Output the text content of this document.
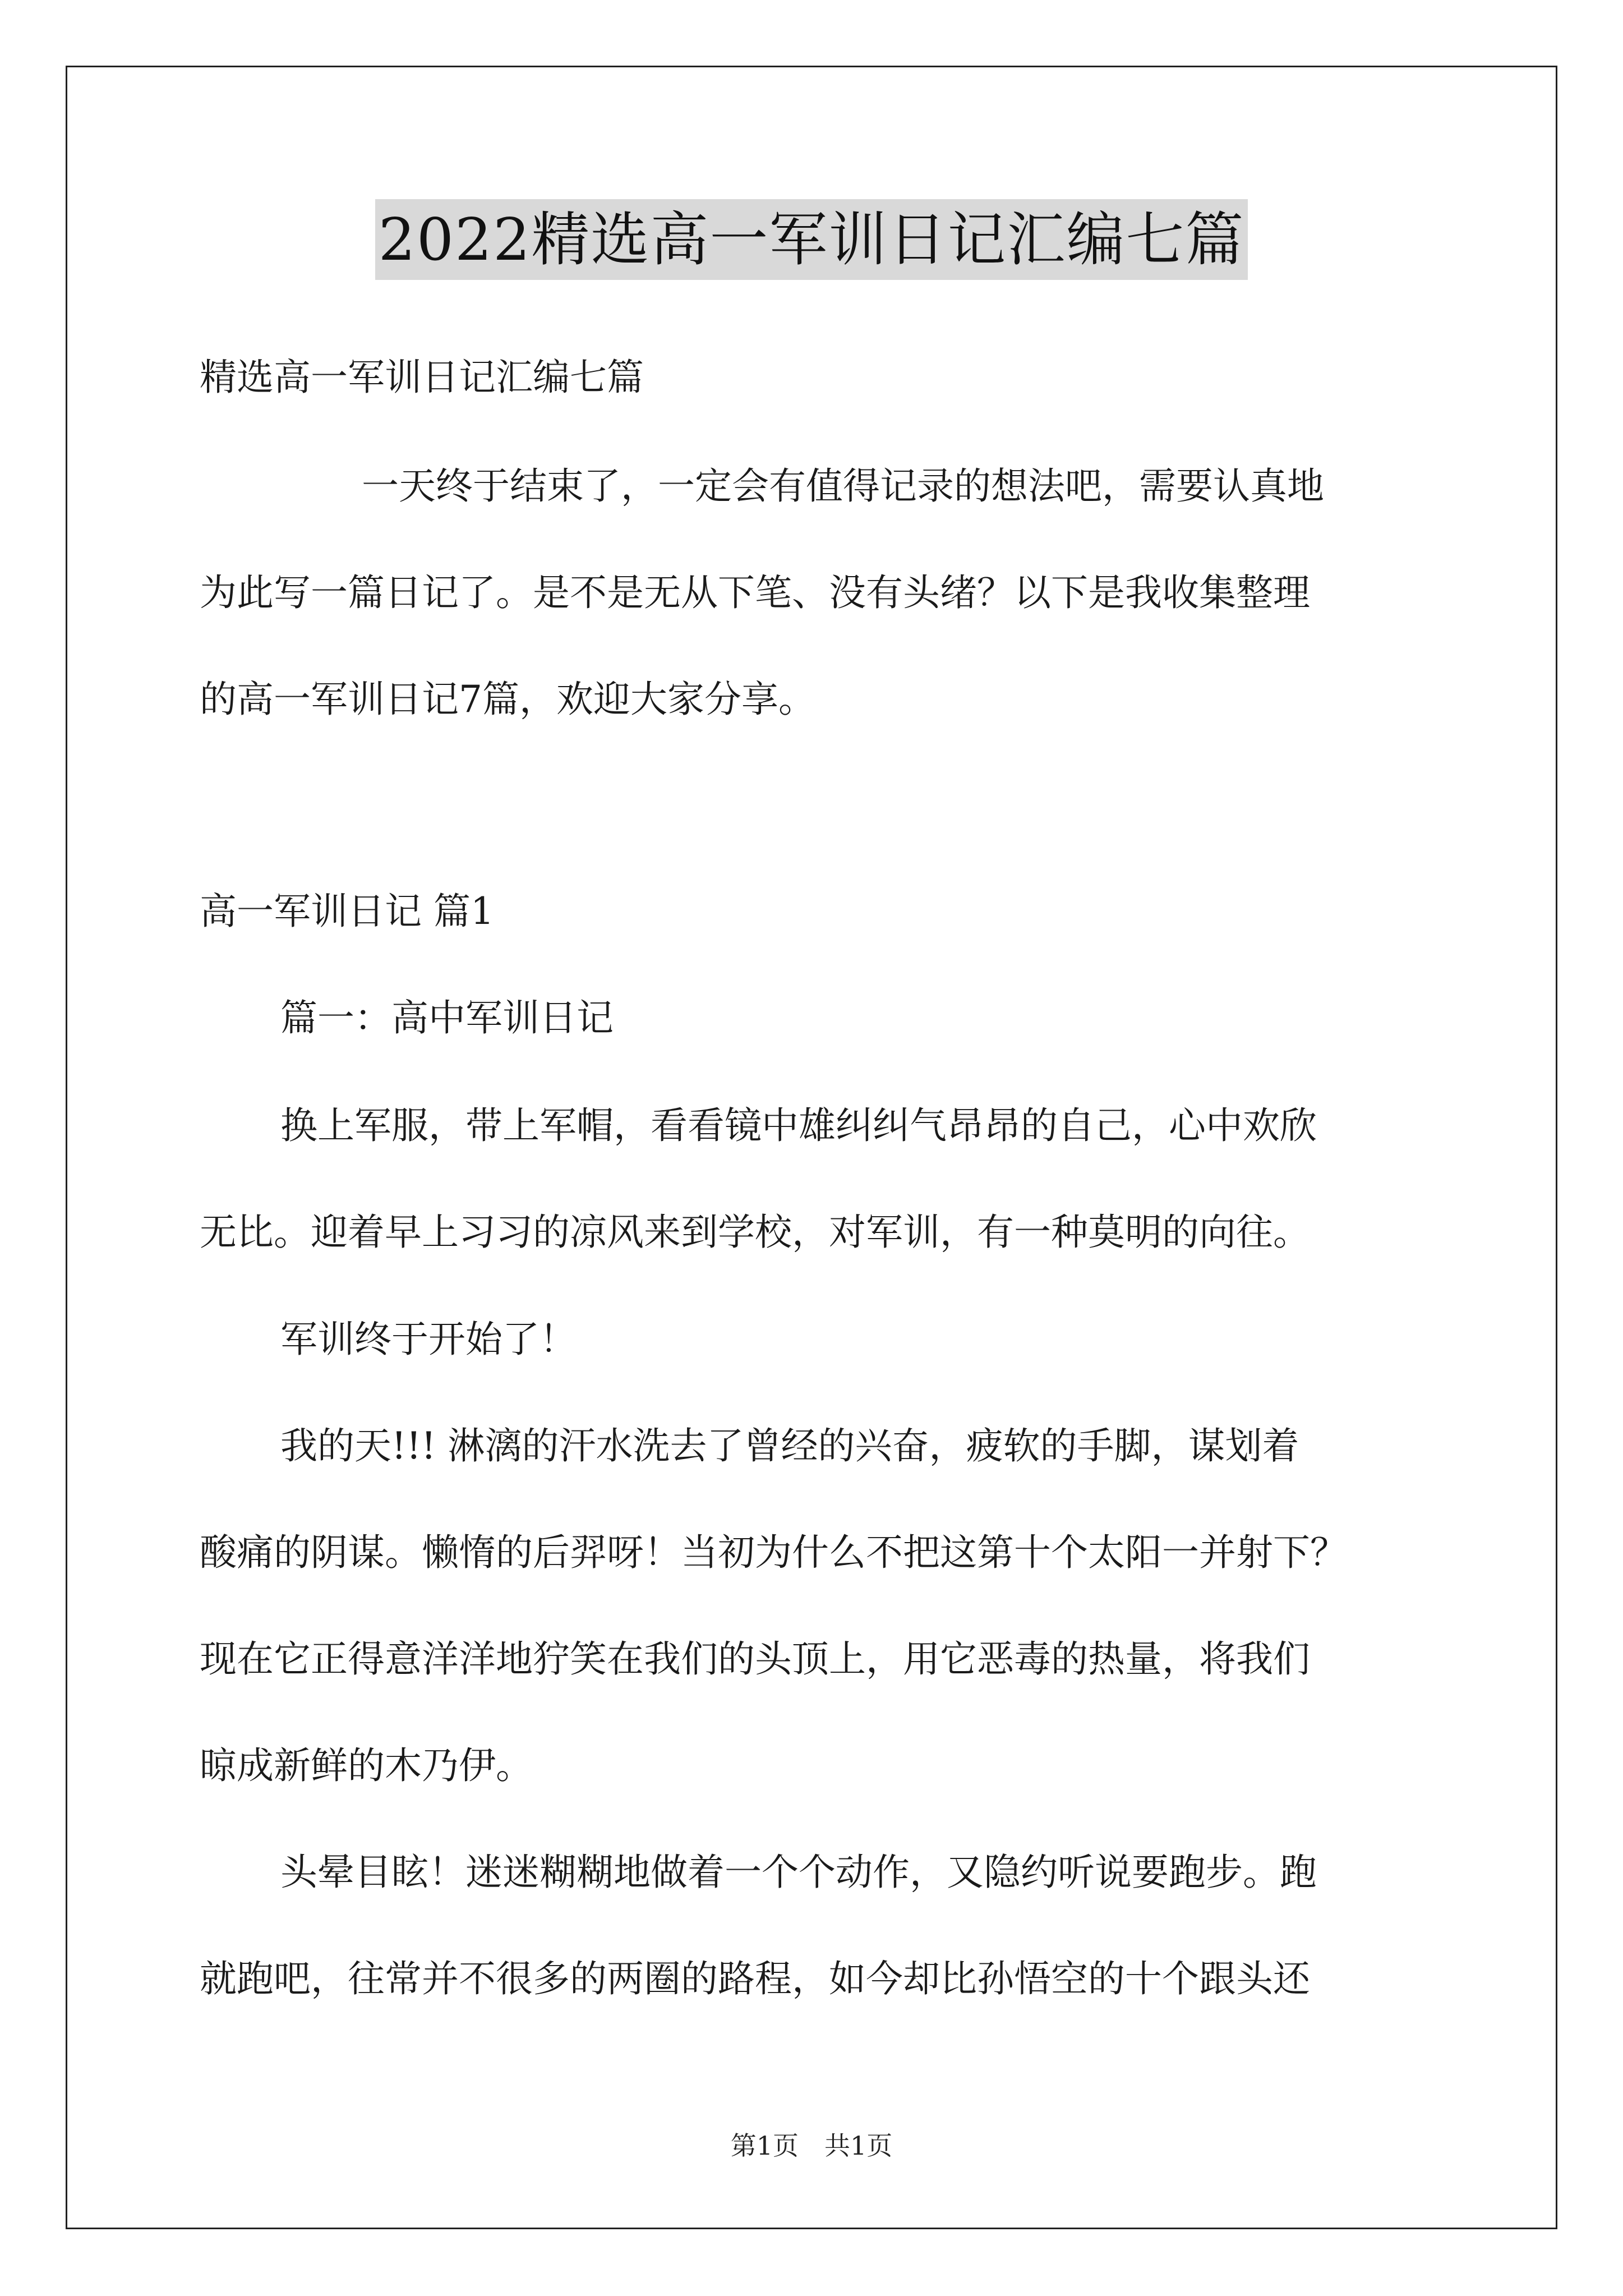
2022精选高一军训日记汇编七篇
精选高一军训日记汇编七篇
一天终于结束了，一定会有值得记录的想法吧，需要认真地
为此写一篇日记了。是不是无从下笔、没有头绪？以下是我收集整理
的高一军训日记7篇，欢迎大家分享。
高一军训日记 篇1
篇一：高中军训日记
换上军服，带上军帽，看看镜中雄纠纠气昂昂的自己，心中欢欣
无比。迎着早上习习的凉风来到学校，对军训，有一种莫明的向往。
军训终于开始了！
我的天!!! 淋漓的汗水洗去了曾经的兴奋，疲软的手脚，谋划着
酸痛的阴谋。懒惰的后羿呀！当初为什么不把这第十个太阳一并射下？
现在它正得意洋洋地狞笑在我们的头顶上，用它恶毒的热量，将我们
晾成新鲜的木乃伊。
头晕目眩！迷迷糊糊地做着一个个动作，又隐约听说要跑步。跑
就跑吧，往常并不很多的两圈的路程，如今却比孙悟空的十个跟头还
第1页　共1页
